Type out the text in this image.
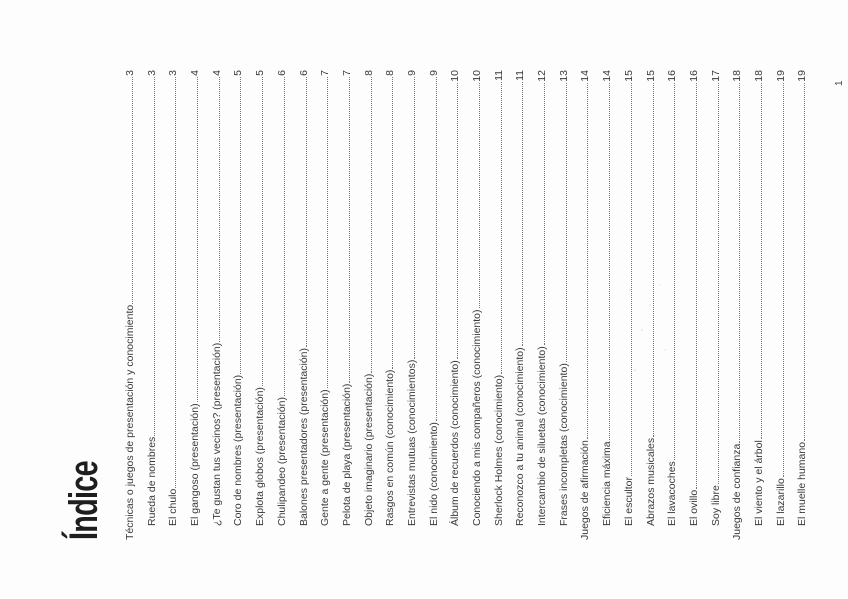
Índice	Técnicas o juegos de presentación y conocimiento
3
Rueda de nombres
3
El chulo
3
El gangoso (presentación)
4
¿Te gustan tus vecinos? (presentación)
4
Coro de nombres (presentación)
5
Explota globos (presentación)
5
Chulipandeo (presentación)
6
Balones presentadores (presentación)
6
Gente a gente (presentación)
7
Pelota de playa (presentación)
7
Objeto imaginario (presentación)
8
Rasgos en común (conocimiento)
8
Entrevistas mutuas (conocimientos)
9
El nido (conocimiento)
9
Álbum de recuerdos (conocimiento)
10
Conociendo a mis compañeros (conocimiento)
10
Sherlock Holmes (conocimiento)
11
Reconozco a tu animal (conocimiento)
11
Intercambio de siluetas (conocimiento)
12
Frases incompletas (conocimiento)
13
Juegos de afirmación
14
Eficiencia máxima
14
El escultor
15
Abrazos musicales
15
El lavacoches
16
El ovillo
16
Soy libre
17
Juegos de confianza
18
El viento y el árbol
18
El lazarillo
19
El muelle humano
19
1
